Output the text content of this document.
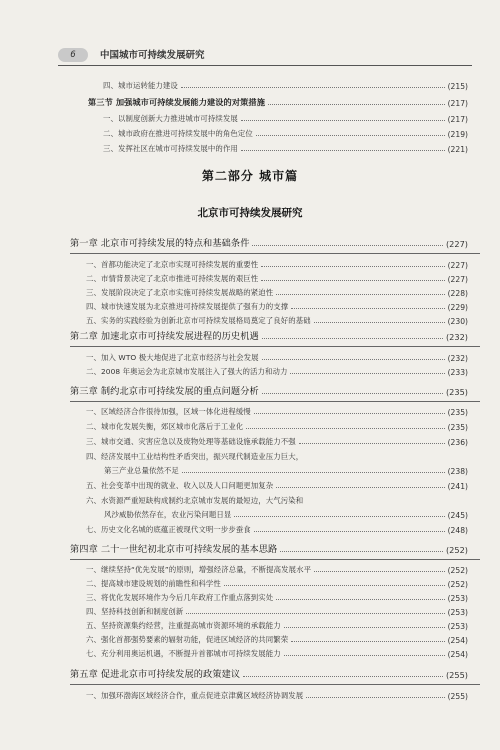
6	中国城市可持续发展研究
四、城市运转能力建设	(215)
第三节 加强城市可持续发展能力建设的对策措施	(217)
一、以制度创新大力推进城市可持续发展	(217)
二、城市政府在推进可持续发展中的角色定位	(219)
三、发挥社区在城市可持续发展中的作用	(221)
第二部分 城市篇
北京市可持续发展研究
第一章 北京市可持续发展的特点和基础条件	(227)
一、首都功能决定了北京市实现可持续发展的重要性	(227)
二、市情背景决定了北京市推进可持续发展的艰巨性	(227)
三、发展阶段决定了北京市实施可持续发展战略的紧迫性	(228)
四、城市快速发展为北京推进可持续发展提供了强有力的支撑	(229)
五、实务的实践经验为创新北京市可持续发展格局奠定了良好的基础	(230)
第二章 加速北京市可持续发展进程的历史机遇	(232)
一、加入 WTO 极大地促进了北京市经济与社会发展	(232)
二、2008 年奥运会为北京城市发展注入了强大的活力和动力	(233)
第三章 制约北京市可持续发展的重点问题分析	(235)
一、区域经济合作很待加强，区域一体化进程缓慢	(235)
二、城市化发展失衡，郊区城市化落后于工业化	(235)
三、城市交通、灾害应急以及废物处理等基础设施承载能力不强	(236)
四、经济发展中工业结构性矛盾突出，振兴现代制造业压力巨大，
第三产业总量依然不足	(238)
五、社会变革中出现的就业、收入以及人口问题更加复杂	(241)
六、水资源严重短缺构成制约北京城市发展的最短边，大气污染和
风沙威胁依然存在，农业污染问题日显	(245)
七、历史文化名城的底蕴正被现代文明一步步蚕食	(248)
第四章 二十一世纪初北京市可持续发展的基本思路	(252)
一、继续坚持“优先发展”的原则，增强经济总量，不断提高发展水平	(252)
二、提高城市建设规划的前瞻性和科学性	(252)
三、将优化发展环境作为今后几年政府工作重点落到实处	(253)
四、坚持科技创新和制度创新	(253)
五、坚持资源集约经营，注重提高城市资源环境的承载能力	(253)
六、强化首都强势要素的辐射功能，促进区域经济的共同繁荣	(254)
七、充分利用奥运机遇，不断提升首都城市可持续发展能力	(254)
第五章 促进北京市可持续发展的政策建议	(255)
一、加强环渤海区域经济合作，重点促进京津冀区域经济协调发展	(255)
